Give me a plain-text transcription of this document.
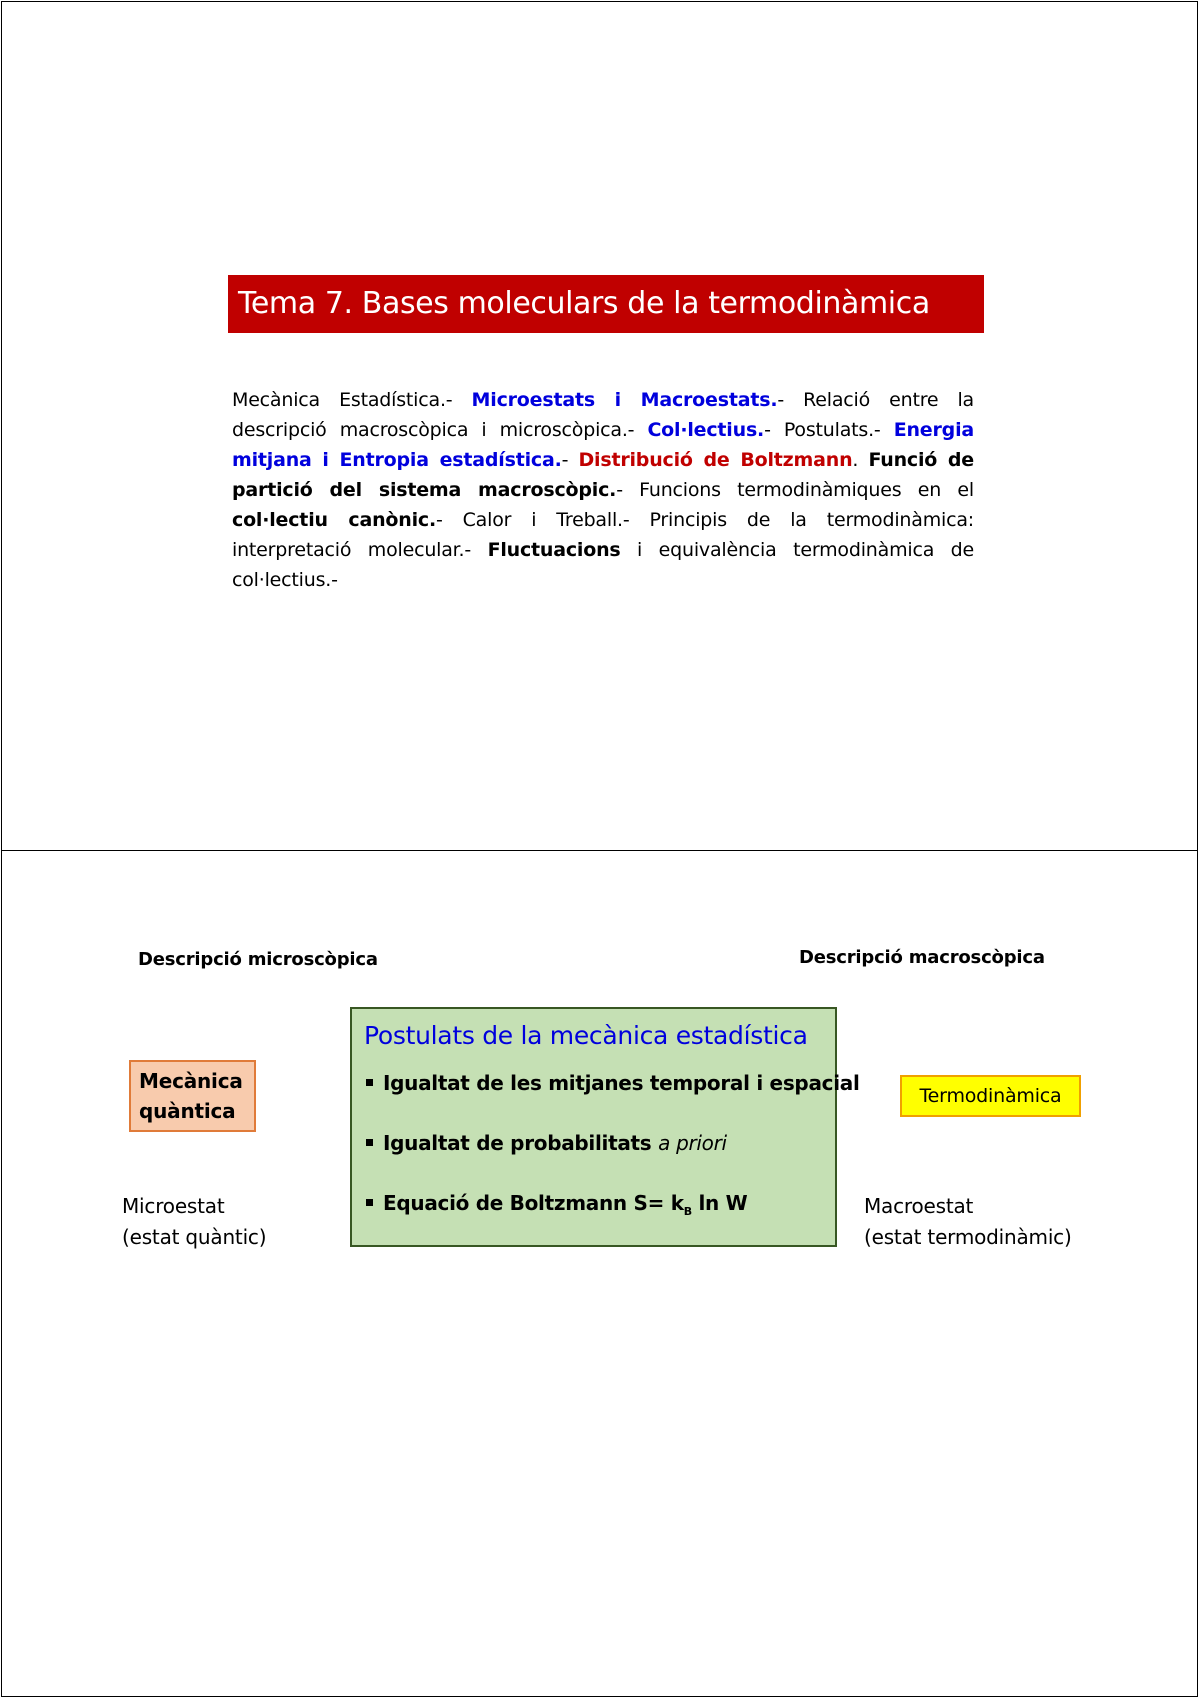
Tema 7. Bases moleculars de la termodinàmica
Mecànica Estadística.- Microestats i Macroestats.- Relació entre la descripció macroscòpica i microscòpica.- Col·lectius.- Postulats.- Energia mitjana i Entropia estadística.- Distribució de Boltzmann. Funció de partició del sistema macroscòpic.- Funcions termodinàmiques en el col·lectiu canònic.- Calor i Treball.- Principis de la termodinàmica: interpretació molecular.- Fluctuacions i equivalència termodinàmica de col·lectius.-
Descripció microscòpica	Descripció macroscòpica
Mecànica
quàntica
Postulats de la mecànica estadística
Igualtat de les mitjanes temporal i espacial
Igualtat de probabilitats a priori
Equació de Boltzmann $S= k_B$ ln W
Termodinàmica
Microestat
(estat quàntic)
Macroestat
(estat termodinàmic)
